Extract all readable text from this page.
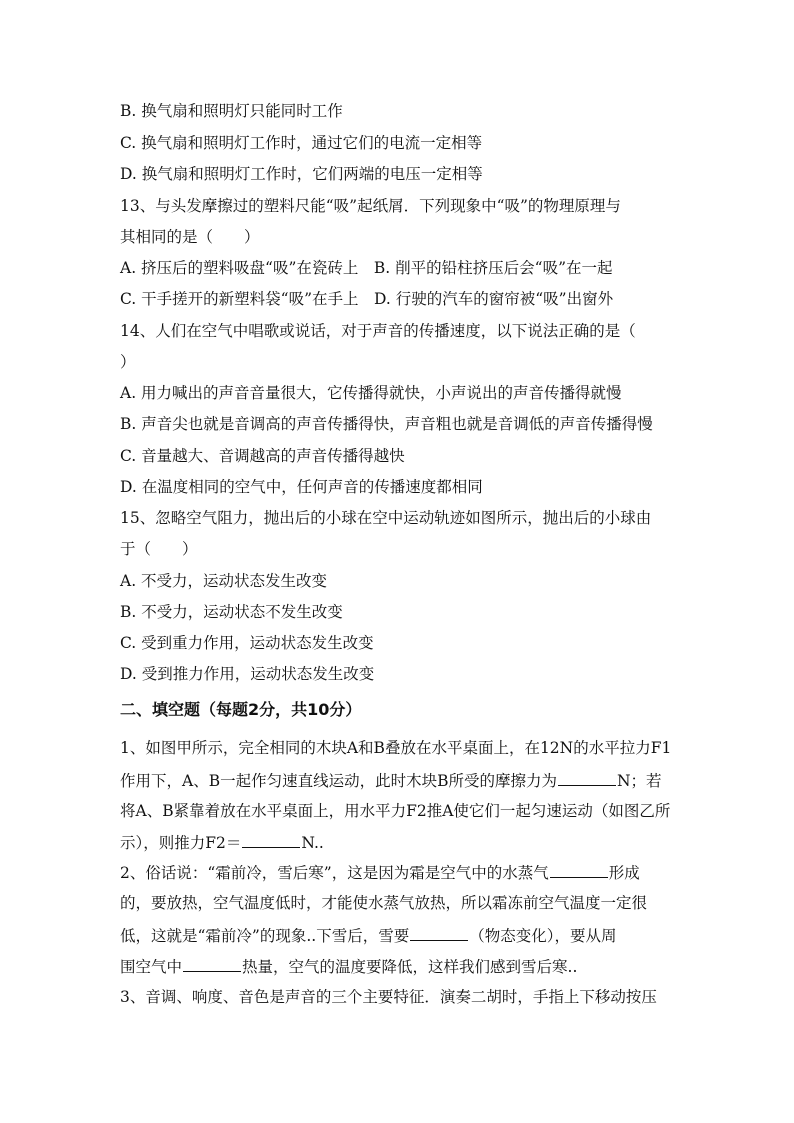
B. 换气扇和照明灯只能同时工作

C. 换气扇和照明灯工作时，通过它们的电流一定相等

D. 换气扇和照明灯工作时，它们两端的电压一定相等

13、与头发摩擦过的塑料尺能“吸”起纸屑．下列现象中“吸”的物理原理与

其相同的是（　　）

A. 挤压后的塑料吸盘“吸”在瓷砖上　B. 削平的铅柱挤压后会“吸”在一起

C. 干手搓开的新塑料袋“吸”在手上　D. 行驶的汽车的窗帘被“吸”出窗外

14、人们在空气中唱歌或说话，对于声音的传播速度，以下说法正确的是（

）

A. 用力喊出的声音音量很大，它传播得就快，小声说出的声音传播得就慢

B. 声音尖也就是音调高的声音传播得快，声音粗也就是音调低的声音传播得慢

C. 音量越大、音调越高的声音传播得越快

D. 在温度相同的空气中，任何声音的传播速度都相同

15、忽略空气阻力，抛出后的小球在空中运动轨迹如图所示，抛出后的小球由

于（　　）

A. 不受力，运动状态发生改变

B. 不受力，运动状态不发生改变

C. 受到重力作用，运动状态发生改变

D. 受到推力作用，运动状态发生改变

二、填空题（每题2分，共10分）

1、如图甲所示，完全相同的木块A和B叠放在水平桌面上，在12N的水平拉力F1

作用下，A、B一起作匀速直线运动，此时木块B所受的摩擦力为	N；若

将A、B紧靠着放在水平桌面上，用水平力F2推A使它们一起匀速运动（如图乙所

示），则推力F2＝	N..

2、俗话说：“霜前冷，雪后寒”，这是因为霜是空气中的水蒸气	形成

的，要放热，空气温度低时，才能使水蒸气放热，所以霜冻前空气温度一定很

低，这就是“霜前冷”的现象..下雪后，雪要	（物态变化），要从周

围空气中	热量，空气的温度要降低，这样我们感到雪后寒..

3、音调、响度、音色是声音的三个主要特征．演奏二胡时，手指上下移动按压
